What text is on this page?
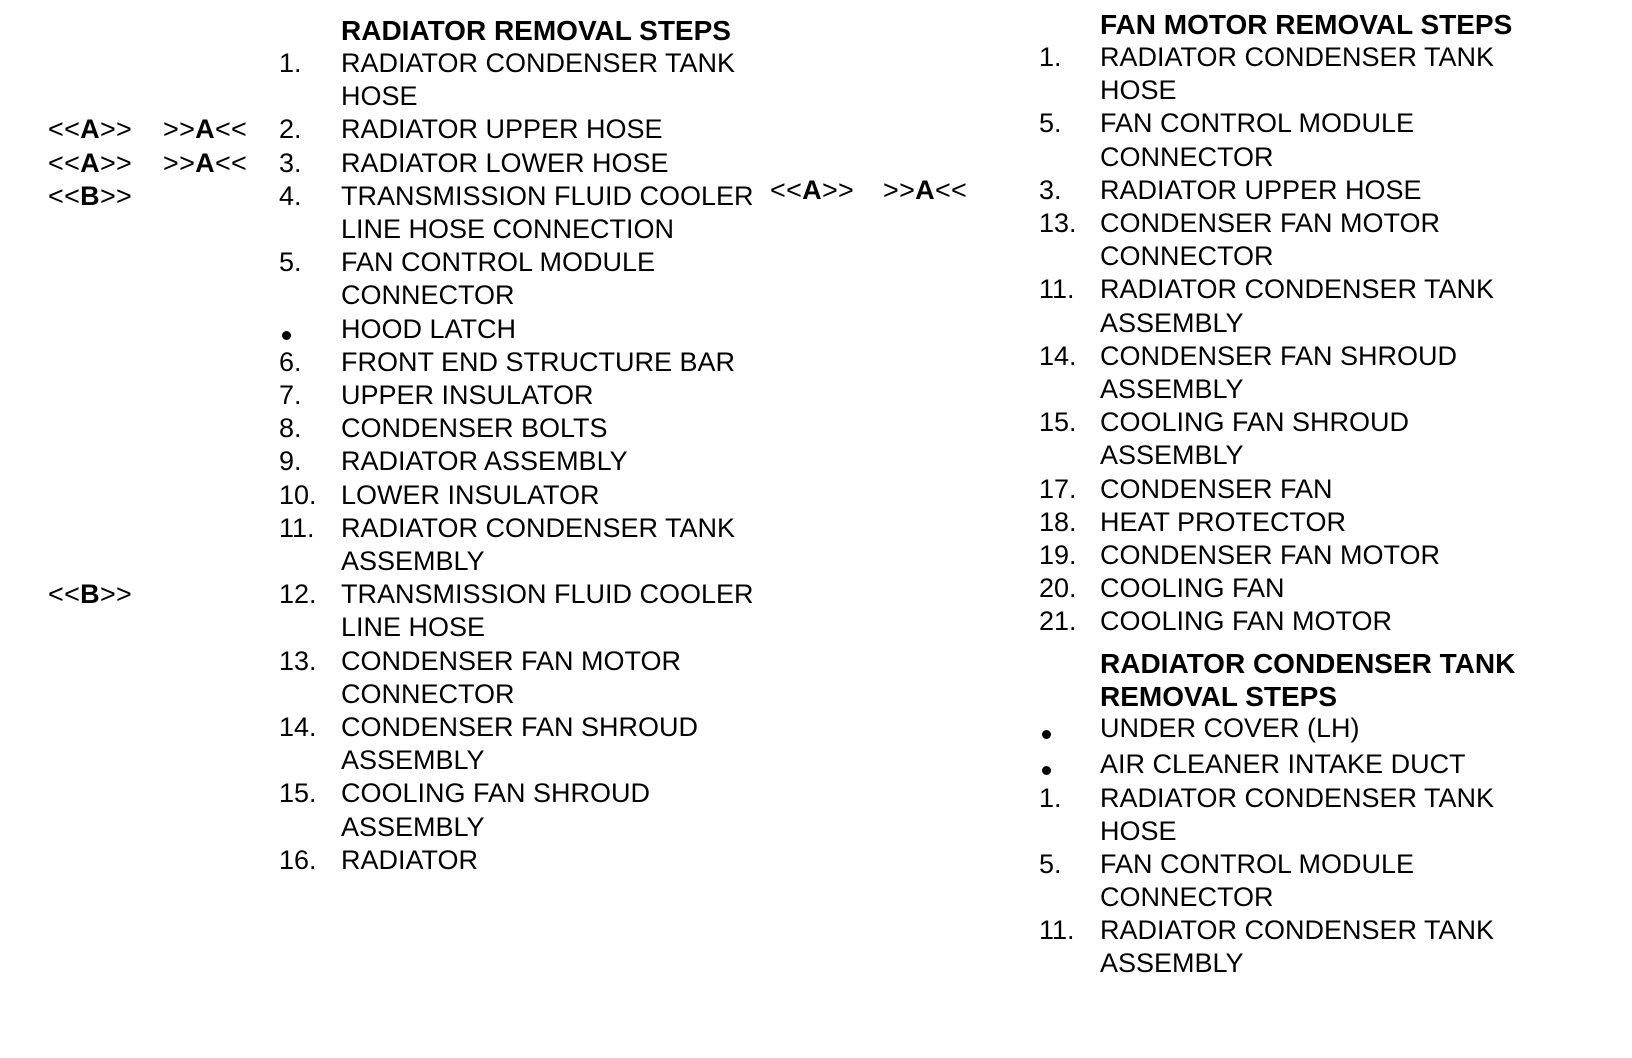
RADIATOR REMOVAL STEPS
1. RADIATOR CONDENSER TANK
HOSE
<<A>> >>A<< 2. RADIATOR UPPER HOSE
<<A>> >>A<< 3. RADIATOR LOWER HOSE
<<B>>	4. TRANSMISSION FLUID COOLER
LINE HOSE CONNECTION
5. FAN CONTROL MODULE
CONNECTOR
HOOD LATCH
6. FRONT END STRUCTURE BAR
7. UPPER INSULATOR
8. CONDENSER BOLTS
9. RADIATOR ASSEMBLY
10. LOWER INSULATOR
11. RADIATOR CONDENSER TANK
ASSEMBLY
<<B>>	12. TRANSMISSION FLUID COOLER
LINE HOSE
13. CONDENSER FAN MOTOR
CONNECTOR
14. CONDENSER FAN SHROUD
ASSEMBLY
15. COOLING FAN SHROUD
ASSEMBLY
16. RADIATOR
FAN MOTOR REMOVAL STEPS
1. RADIATOR CONDENSER TANK
HOSE
5. FAN CONTROL MODULE
CONNECTOR
<<A>> >>A<<	3. RADIATOR UPPER HOSE
13. CONDENSER FAN MOTOR
CONNECTOR
11. RADIATOR CONDENSER TANK
ASSEMBLY
14. CONDENSER FAN SHROUD
ASSEMBLY
15. COOLING FAN SHROUD
ASSEMBLY
17. CONDENSER FAN
18. HEAT PROTECTOR
19. CONDENSER FAN MOTOR
20. COOLING FAN
21. COOLING FAN MOTOR
RADIATOR CONDENSER TANK
REMOVAL STEPS
UNDER COVER (LH)
AIR CLEANER INTAKE DUCT
1. RADIATOR CONDENSER TANK
HOSE
5. FAN CONTROL MODULE
CONNECTOR
11. RADIATOR CONDENSER TANK
ASSEMBLY
